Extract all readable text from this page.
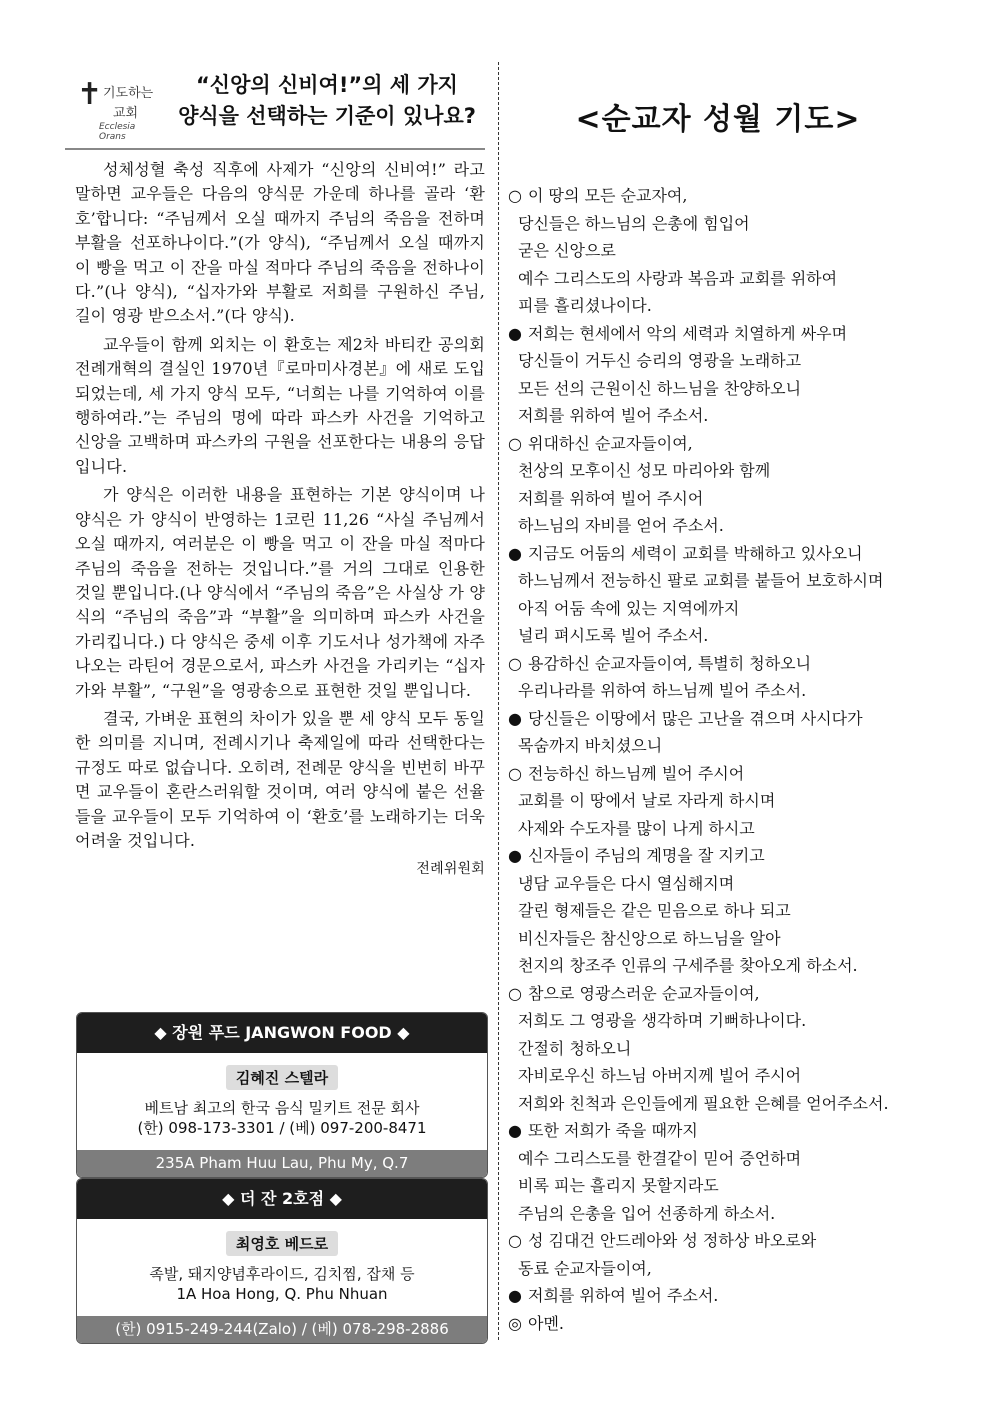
✝ 기도하는
교회
Ecclesia Orans
“신앙의 신비여!”의 세 가지
양식을 선택하는 기준이 있나요?

성체성혈 축성 직후에 사제가 “신앙의 신비여!” 라고 말하면 교우들은 다음의 양식문 가운데 하나를 골라 ‘환호’합니다: “주님께서 오실 때까지 주님의 죽음을 전하며 부활을 선포하나이다.”(가 양식), “주님께서 오실 때까지 이 빵을 먹고 이 잔을 마실 적마다 주님의 죽음을 전하나이다.”(나 양식), “십자가와 부활로 저희를 구원하신 주님, 길이 영광 받으소서.”(다 양식).

교우들이 함께 외치는 이 환호는 제2차 바티칸 공의회 전례개혁의 결실인 1970년『로마미사경본』에 새로 도입되었는데, 세 가지 양식 모두, “너희는 나를 기억하여 이를 행하여라.”는 주님의 명에 따라 파스카 사건을 기억하고 신앙을 고백하며 파스카의 구원을 선포한다는 내용의 응답입니다.

가 양식은 이러한 내용을 표현하는 기본 양식이며 나 양식은 가 양식이 반영하는 1코린 11,26 “사실 주님께서 오실 때까지, 여러분은 이 빵을 먹고 이 잔을 마실 적마다 주님의 죽음을 전하는 것입니다.”를 거의 그대로 인용한 것일 뿐입니다.(나 양식에서 “주님의 죽음”은 사실상 가 양식의 “주님의 죽음”과 “부활”을 의미하며 파스카 사건을 가리킵니다.) 다 양식은 중세 이후 기도서나 성가책에 자주 나오는 라틴어 경문으로서, 파스카 사건을 가리키는 “십자가와 부활”, “구원”을 영광송으로 표현한 것일 뿐입니다.

결국, 가벼운 표현의 차이가 있을 뿐 세 양식 모두 동일한 의미를 지니며, 전례시기나 축제일에 따라 선택한다는 규정도 따로 없습니다. 오히려, 전례문 양식을 빈번히 바꾸면 교우들이 혼란스러워할 것이며, 여러 양식에 붙은 선율들을 교우들이 모두 기억하여 이 ‘환호’를 노래하기는 더욱 어려울 것입니다.

전례위원회
◆ 장원 푸드 JANGWON FOOD ◆
김혜진 스텔라
베트남 최고의 한국 음식 밀키트 전문 회사
(한) 098-173-3301 / (베) 097-200-8471
235A Pham Huu Lau, Phu My, Q.7
◆ 더 잔 2호점 ◆
최영호 베드로
족발, 돼지양념후라이드, 김치찜, 잡채 등
1A Hoa Hong, Q. Phu Nhuan
(한) 0915-249-244(Zalo) / (베) 078-298-2886
<순교자 성월 기도>
○ 이 땅의 모든 순교자여,
당신들은 하느님의 은총에 힘입어
굳은 신앙으로
예수 그리스도의 사랑과 복음과 교회를 위하여
피를 흘리셨나이다.
● 저희는 현세에서 악의 세력과 치열하게 싸우며
당신들이 거두신 승리의 영광을 노래하고
모든 선의 근원이신 하느님을 찬양하오니
저희를 위하여 빌어 주소서.
○ 위대하신 순교자들이여,
천상의 모후이신 성모 마리아와 함께
저희를 위하여 빌어 주시어
하느님의 자비를 얻어 주소서.
● 지금도 어둠의 세력이 교회를 박해하고 있사오니
하느님께서 전능하신 팔로 교회를 붙들어 보호하시며
아직 어둠 속에 있는 지역에까지
널리 펴시도록 빌어 주소서.
○ 용감하신 순교자들이여, 특별히 청하오니
우리나라를 위하여 하느님께 빌어 주소서.
● 당신들은 이땅에서 많은 고난을 겪으며 사시다가
목숨까지 바치셨으니
○ 전능하신 하느님께 빌어 주시어
교회를 이 땅에서 날로 자라게 하시며
사제와 수도자를 많이 나게 하시고
● 신자들이 주님의 계명을 잘 지키고
냉담 교우들은 다시 열심해지며
갈린 형제들은 같은 믿음으로 하나 되고
비신자들은 참신앙으로 하느님을 알아
천지의 창조주 인류의 구세주를 찾아오게 하소서.
○ 참으로 영광스러운 순교자들이여,
저희도 그 영광을 생각하며 기뻐하나이다.
간절히 청하오니
자비로우신 하느님 아버지께 빌어 주시어
저희와 친척과 은인들에게 필요한 은혜를 얻어주소서.
● 또한 저희가 죽을 때까지
예수 그리스도를 한결같이 믿어 증언하며
비록 피는 흘리지 못할지라도
주님의 은총을 입어 선종하게 하소서.
○ 성 김대건 안드레아와 성 정하상 바오로와
동료 순교자들이여,
● 저희를 위하여 빌어 주소서.
◎ 아멘.
